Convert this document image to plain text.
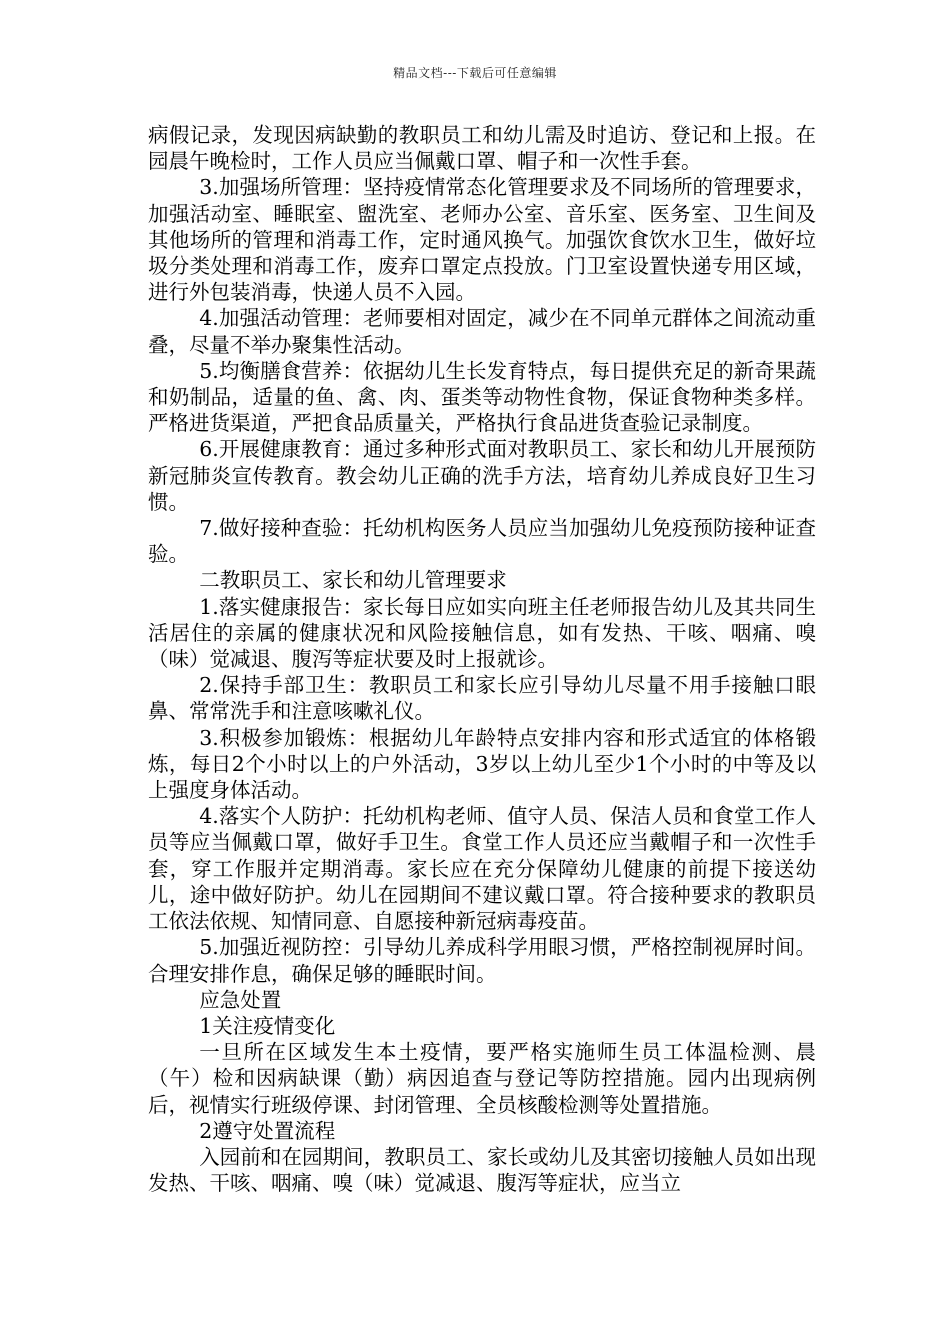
精品文档---下载后可任意编辑

病假记录，发现因病缺勤的教职员工和幼儿需及时追访、登记和上报。在园晨午晚检时，工作人员应当佩戴口罩、帽子和一次性手套。

3.加强场所管理：坚持疫情常态化管理要求及不同场所的管理要求，加强活动室、睡眠室、盥洗室、老师办公室、音乐室、医务室、卫生间及其他场所的管理和消毒工作，定时通风换气。加强饮食饮水卫生，做好垃圾分类处理和消毒工作，废弃口罩定点投放。门卫室设置快递专用区域，进行外包装消毒，快递人员不入园。

4.加强活动管理：老师要相对固定，减少在不同单元群体之间流动重叠，尽量不举办聚集性活动。

5.均衡膳食营养：依据幼儿生长发育特点，每日提供充足的新奇果蔬和奶制品，适量的鱼、禽、肉、蛋类等动物性食物，保证食物种类多样。严格进货渠道，严把食品质量关，严格执行食品进货查验记录制度。

6.开展健康教育：通过多种形式面对教职员工、家长和幼儿开展预防新冠肺炎宣传教育。教会幼儿正确的洗手方法，培育幼儿养成良好卫生习惯。

7.做好接种查验：托幼机构医务人员应当加强幼儿免疫预防接种证查验。

二教职员工、家长和幼儿管理要求

1.落实健康报告：家长每日应如实向班主任老师报告幼儿及其共同生活居住的亲属的健康状况和风险接触信息，如有发热、干咳、咽痛、嗅（味）觉减退、腹泻等症状要及时上报就诊。

2.保持手部卫生：教职员工和家长应引导幼儿尽量不用手接触口眼鼻、常常洗手和注意咳嗽礼仪。

3.积极参加锻炼：根据幼儿年龄特点安排内容和形式适宜的体格锻炼，每日2个小时以上的户外活动，3岁以上幼儿至少1个小时的中等及以上强度身体活动。

4.落实个人防护：托幼机构老师、值守人员、保洁人员和食堂工作人员等应当佩戴口罩，做好手卫生。食堂工作人员还应当戴帽子和一次性手套，穿工作服并定期消毒。家长应在充分保障幼儿健康的前提下接送幼儿，途中做好防护。幼儿在园期间不建议戴口罩。符合接种要求的教职员工依法依规、知情同意、自愿接种新冠病毒疫苗。

5.加强近视防控：引导幼儿养成科学用眼习惯，严格控制视屏时间。合理安排作息，确保足够的睡眠时间。

应急处置

1关注疫情变化

一旦所在区域发生本土疫情，要严格实施师生员工体温检测、晨（午）检和因病缺课（勤）病因追查与登记等防控措施。园内出现病例后，视情实行班级停课、封闭管理、全员核酸检测等处置措施。

2遵守处置流程

入园前和在园期间，教职员工、家长或幼儿及其密切接触人员如出现发热、干咳、咽痛、嗅（味）觉减退、腹泻等症状，应当立
